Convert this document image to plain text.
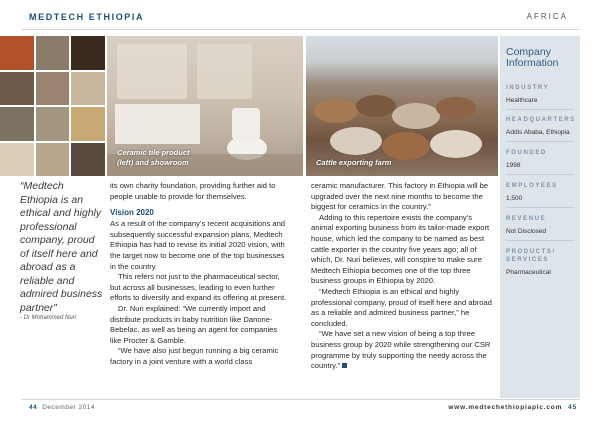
MEDTECH ETHIOPIA	AFRICA
Ceramic tile product
(left) and showroom	Cattle exporting farm
“Medtech Ethiopia is an ethical and highly professional company, proud of itself here and abroad as a reliable and admired business partner”
- Dr Mohammed Nuri

its own charity foundation, providing further aid to people unable to provide for themselves.

Vision 2020

As a result of the company’s recent acquisitions and subsequently successful expansion plans, Medtech Ethiopia has had to revise its initial 2020 vision, with the target now to become one of the top businesses in the country.

This refers not just to the pharmaceutical sector, but across all businesses, leading to even further efforts to diversify and expand its offering at present.

Dr. Nuri explained: “We currently import and distribute products in baby nutrition like Danone-Bebelac, as well as being an agent for companies like Procter & Gamble.

“We have also just begun running a big ceramic factory in a joint venture with a world class

ceramic manufacturer. This factory in Ethiopia will be upgraded over the next nine months to become the biggest for ceramics in the country.”

Adding to this repertoire exists the company’s animal exporting business from its tailor-made export house, which led the company to be named as best cattle exporter in the country five years ago; all of which, Dr. Nuri believes, will conspire to make sure Medtech Ethiopia becomes one of the top three business groups in Ethiopia by 2020.

“Medtech Ethiopia is an ethical and highly professional company, proud of itself here and abroad as a reliable and admired business partner,” he concluded.

“We have set a new vision of being a top three business group by 2020 while strengthening our CSR programme by truly supporting the needy across the country.”

Company
Information
INDUSTRY
Healthcare
HEADQUARTERS
Addis Ababa, Ethiopia
FOUNDED
1998
EMPLOYEES
1,500
REVENUE
Not Disclosed
PRODUCTS/
SERVICES
Pharmaceutical
44 December 2014	www.medtechethiopiaplc.com 45
